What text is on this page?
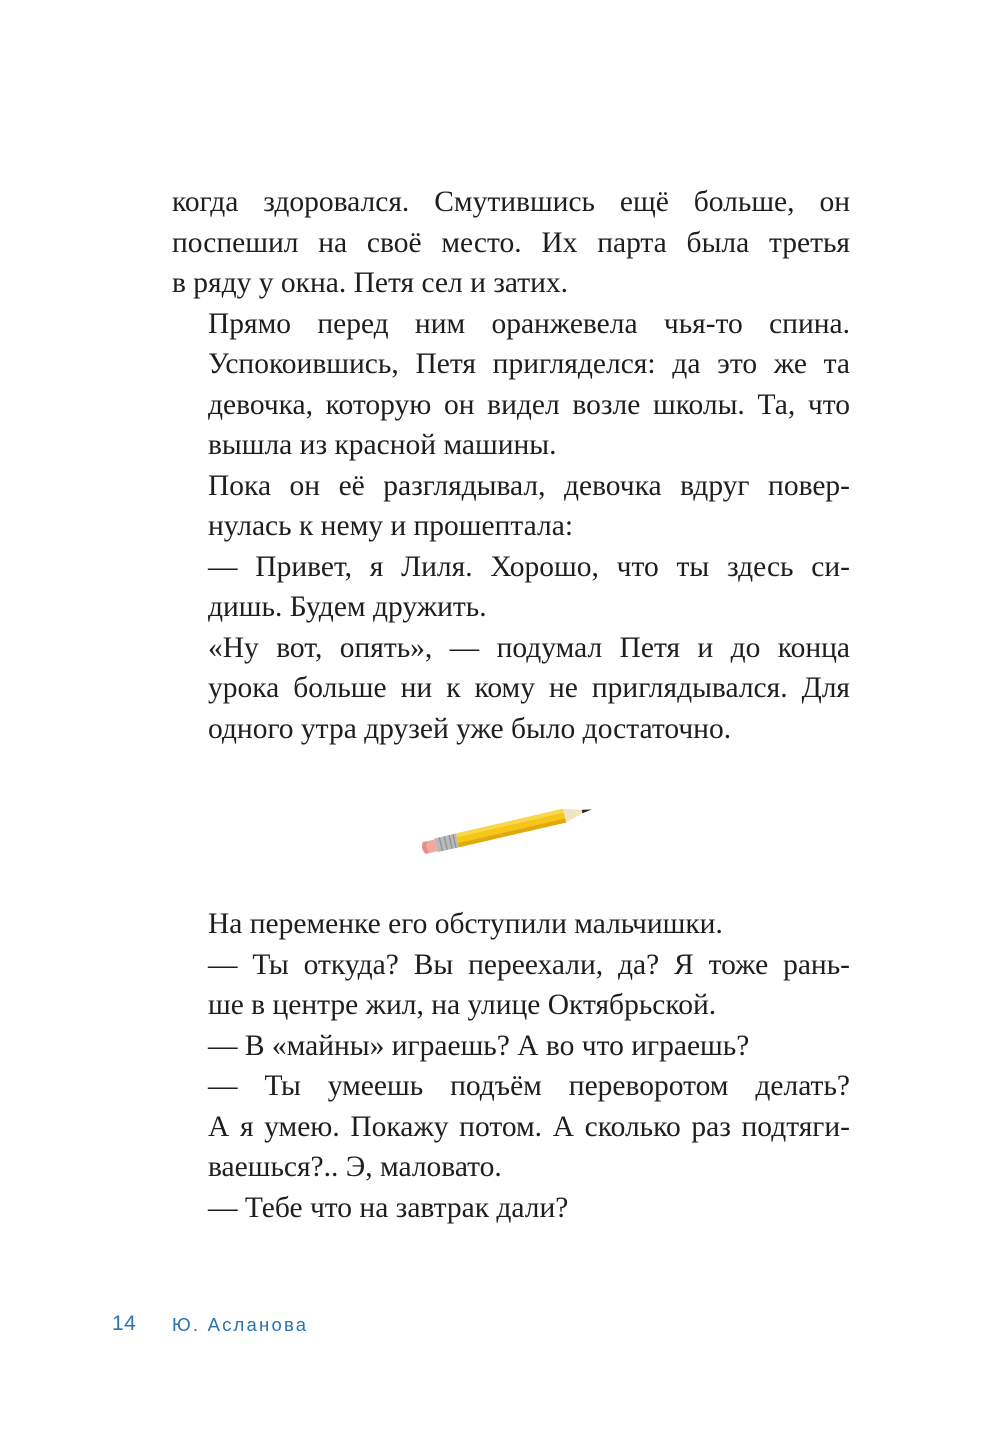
когда здоровался. Смутившись ещё больше, он
поспешил на своё место. Их парта была третья
в ряду у окна. Петя сел и затих.

Прямо перед ним оранжевела чья-то спина.
Успокоившись, Петя пригляделся: да это же та
девочка, которую он видел возле школы. Та, что
вышла из красной машины.

Пока он её разглядывал, девочка вдруг повер-
нулась к нему и прошептала:

— Привет, я Лиля. Хорошо, что ты здесь си-
дишь. Будем дружить.

«Ну вот, опять», — подумал Петя и до конца
урока больше ни к кому не приглядывался. Для
одного утра друзей уже было достаточно.

На переменке его обступили мальчишки.

— Ты откуда? Вы переехали, да? Я тоже рань-
ше в центре жил, на улице Октябрьской.

— В «майны» играешь? А во что играешь?

— Ты умеешь подъём переворотом делать?
А я умею. Покажу потом. А сколько раз подтяги-
ваешься?.. Э, маловато.

— Тебе что на завтрак дали?

14 Ю. Асланова
